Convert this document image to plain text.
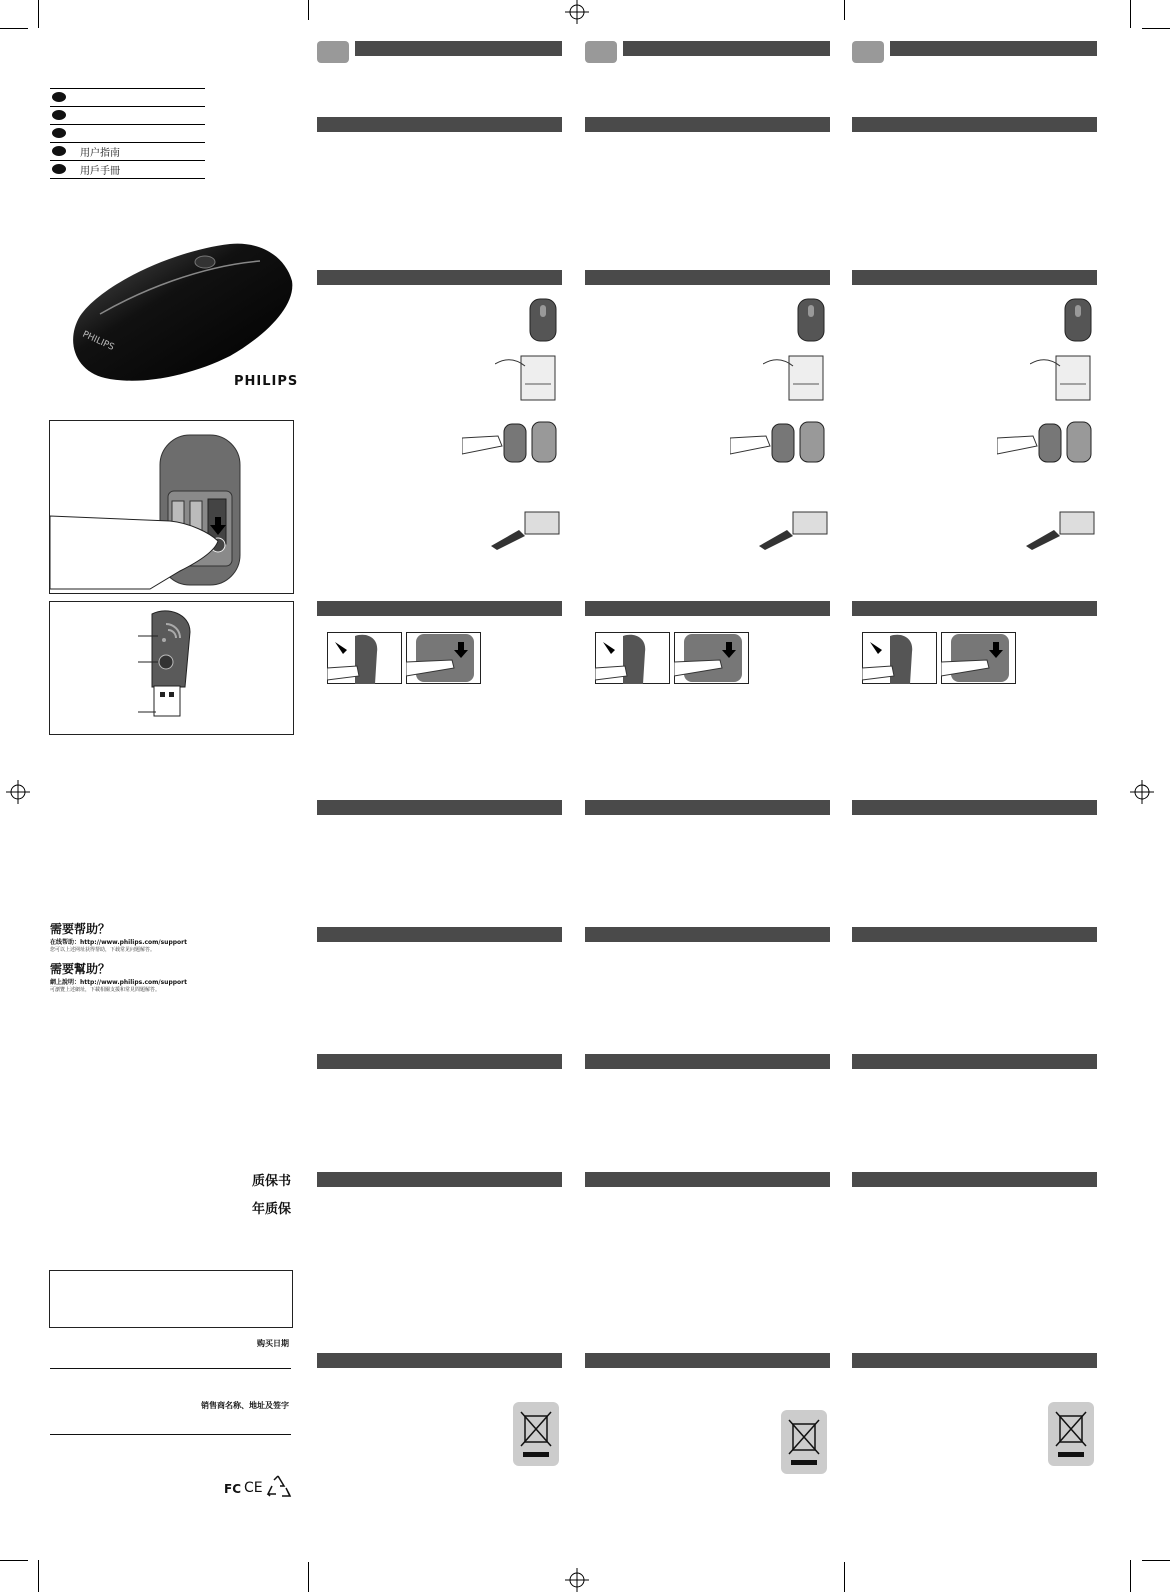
用户指南
用戶手冊
PHILIPS
PHILIPS
需要帮助？
在线帮助：http://www.philips.com/support
您可以上述网址获得帮助，下载常见问题解答。
需要幫助？
網上說明：http://www.philips.com/support
可瀏覽上述網址，下載相關支援和常見問題解答。
质保书
年质保
购买日期
销售商名称、地址及签字
FC CE
